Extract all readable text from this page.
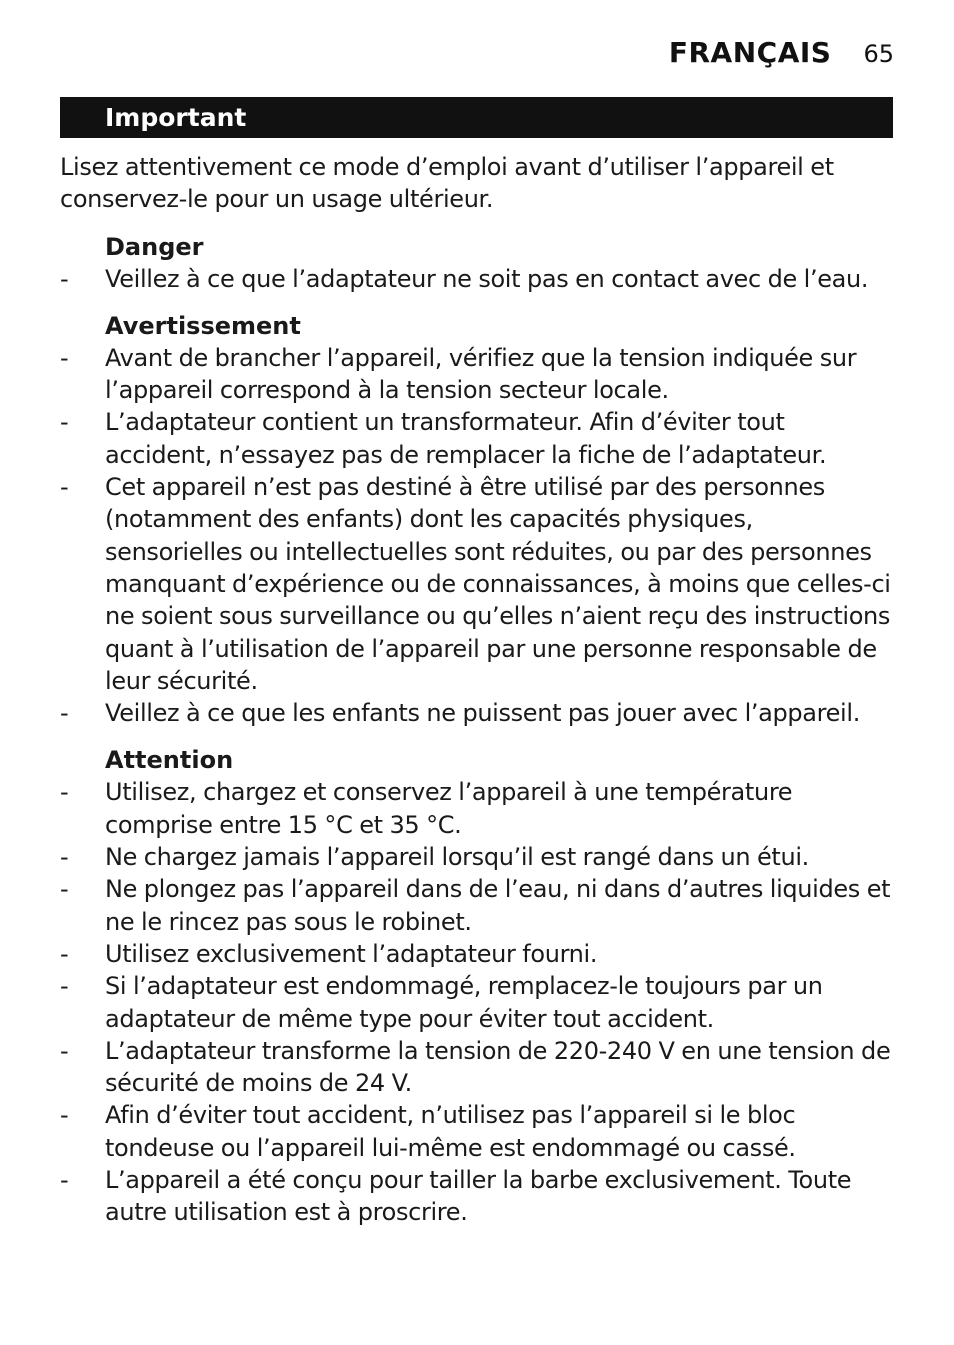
FRANÇAIS 65
Important

Lisez attentivement ce mode d’emploi avant d’utiliser l’appareil et conservez-le pour un usage ultérieur.

Danger
-	Veillez à ce que l’adaptateur ne soit pas en contact avec de l’eau.
Avertissement
-	Avant de brancher l’appareil, vérifiez que la tension indiquée sur l’appareil correspond à la tension secteur locale.
-	L’adaptateur contient un transformateur. Afin d’éviter tout accident, n’essayez pas de remplacer la fiche de l’adaptateur.
-	Cet appareil n’est pas destiné à être utilisé par des personnes (notamment des enfants) dont les capacités physiques, sensorielles ou intellectuelles sont réduites, ou par des personnes manquant d’expérience ou de connaissances, à moins que celles-ci ne soient sous surveillance ou qu’elles n’aient reçu des instructions quant à l’utilisation de l’appareil par une personne responsable de leur sécurité.
-	Veillez à ce que les enfants ne puissent pas jouer avec l’appareil.
Attention
-	Utilisez, chargez et conservez l’appareil à une température comprise entre 15 °C et 35 °C.
-	Ne chargez jamais l’appareil lorsqu’il est rangé dans un étui.
-	Ne plongez pas l’appareil dans de l’eau, ni dans d’autres liquides et ne le rincez pas sous le robinet.
-	Utilisez exclusivement l’adaptateur fourni.
-	Si l’adaptateur est endommagé, remplacez-le toujours par un adaptateur de même type pour éviter tout accident.
-	L’adaptateur transforme la tension de 220-240 V en une tension de sécurité de moins de 24 V.
-	Afin d’éviter tout accident, n’utilisez pas l’appareil si le bloc tondeuse ou l’appareil lui-même est endommagé ou cassé.
-	L’appareil a été conçu pour tailler la barbe exclusivement. Toute autre utilisation est à proscrire.
